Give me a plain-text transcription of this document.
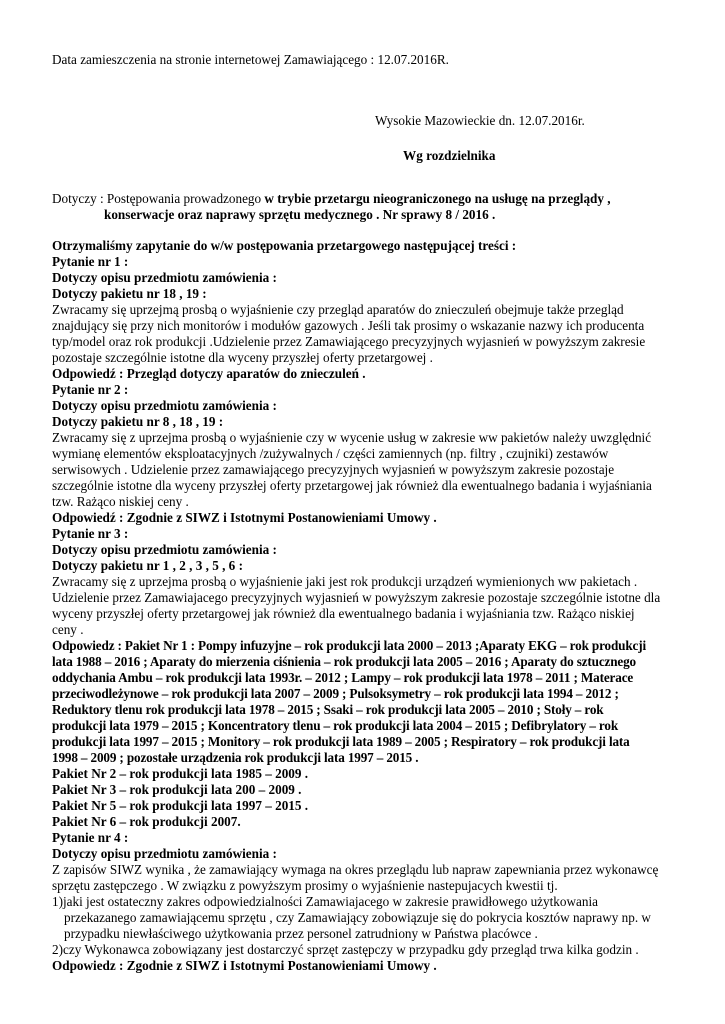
Data zamieszczenia na stronie internetowej Zamawiającego : 12.07.2016R.
Wysokie Mazowieckie dn. 12.07.2016r.
Wg rozdzielnika
Dotyczy : Postępowania prowadzonego w trybie przetargu nieograniczonego na usługę na przeglądy ,
konserwacje oraz naprawy sprzętu medycznego . Nr sprawy 8 / 2016 .
Otrzymaliśmy zapytanie do w/w postępowania przetargowego następującej treści :
Pytanie nr 1 :
Dotyczy opisu przedmiotu zamówienia :
Dotyczy pakietu nr 18 , 19 :
Zwracamy się uprzejmą prosbą o wyjaśnienie czy przegląd aparatów do znieczuleń obejmuje także przegląd
znajdujący się przy nich monitorów i modułów gazowych . Jeśli tak prosimy o wskazanie nazwy ich producenta
typ/model oraz rok produkcji .Udzielenie przez Zamawiającego precyzyjnych wyjasnień w powyższym zakresie
pozostaje szczególnie istotne dla wyceny przyszłej oferty przetargowej .
Odpowiedź : Przegląd dotyczy aparatów do znieczuleń .
Pytanie nr 2 :
Dotyczy opisu przedmiotu zamówienia :
Dotyczy pakietu nr 8 , 18 , 19 :
Zwracamy się z uprzejma prosbą o wyjaśnienie czy w wycenie usług w zakresie ww pakietów należy uwzględnić
wymianę elementów eksploatacyjnych /zużywalnych / części zamiennych (np. filtry , czujniki) zestawów
serwisowych . Udzielenie przez zamawiającego precyzyjnych wyjasnień w powyższym zakresie pozostaje
szczególnie istotne dla wyceny przyszłej oferty przetargowej jak również dla ewentualnego badania i wyjaśniania
tzw. Rażąco niskiej ceny .
Odpowiedź : Zgodnie z SIWZ i Istotnymi Postanowieniami Umowy .
Pytanie nr 3 :
Dotyczy opisu przedmiotu zamówienia :
Dotyczy pakietu nr 1 , 2 , 3 , 5 , 6 :
Zwracamy się z uprzejma prosbą o wyjaśnienie jaki jest rok produkcji urządzeń wymienionych ww pakietach .
Udzielenie przez Zamawiajacego precyzyjnych wyjasnień w powyższym zakresie pozostaje szczególnie istotne dla
wyceny przyszłej oferty przetargowej jak również dla ewentualnego badania i wyjaśniania tzw. Rażąco niskiej
ceny .
Odpowiedz : Pakiet Nr 1 : Pompy infuzyjne – rok produkcji lata 2000 – 2013 ;Aparaty EKG – rok produkcji
lata 1988 – 2016 ; Aparaty do mierzenia ciśnienia – rok produkcji lata 2005 – 2016 ; Aparaty do sztucznego
oddychania Ambu – rok produkcji lata 1993r. – 2012 ; Lampy – rok produkcji lata 1978 – 2011 ; Materace
przeciwodleżynowe – rok produkcji lata 2007 – 2009 ; Pulsoksymetry – rok produkcji lata 1994 – 2012 ;
Reduktory tlenu rok produkcji lata 1978 – 2015 ; Ssaki – rok produkcji lata 2005 – 2010 ; Stoły – rok
produkcji lata 1979 – 2015 ; Koncentratory tlenu – rok produkcji lata 2004 – 2015 ; Defibrylatory – rok
produkcji lata 1997 – 2015 ; Monitory – rok produkcji lata 1989 – 2005 ; Respiratory – rok produkcji lata
1998 – 2009 ; pozostałe urządzenia rok produkcji lata 1997 – 2015 .
Pakiet Nr 2 – rok produkcji lata 1985 – 2009 .
Pakiet Nr 3 – rok produkcji lata 200 – 2009 .
Pakiet Nr 5 – rok produkcji lata 1997 – 2015 .
Pakiet Nr 6 – rok produkcji 2007.
Pytanie nr 4 :
Dotyczy opisu przedmiotu zamówienia :
Z zapisów SIWZ wynika , że zamawiający wymaga na okres przeglądu lub napraw zapewniania przez wykonawcę
sprzętu zastępczego . W związku z powyższym prosimy o wyjaśnienie nastepujacych kwestii tj.
1)jaki jest ostateczny zakres odpowiedzialności Zamawiajacego w zakresie prawidłowego użytkowania
przekazanego zamawiającemu sprzętu , czy Zamawiający zobowiązuje się do pokrycia kosztów naprawy np. w
przypadku niewłaściwego użytkowania przez personel zatrudniony w Państwa placówce .
2)czy Wykonawca zobowiązany jest dostarczyć sprzęt zastępczy w przypadku gdy przegląd trwa kilka godzin .
Odpowiedz : Zgodnie z SIWZ i Istotnymi Postanowieniami Umowy .
